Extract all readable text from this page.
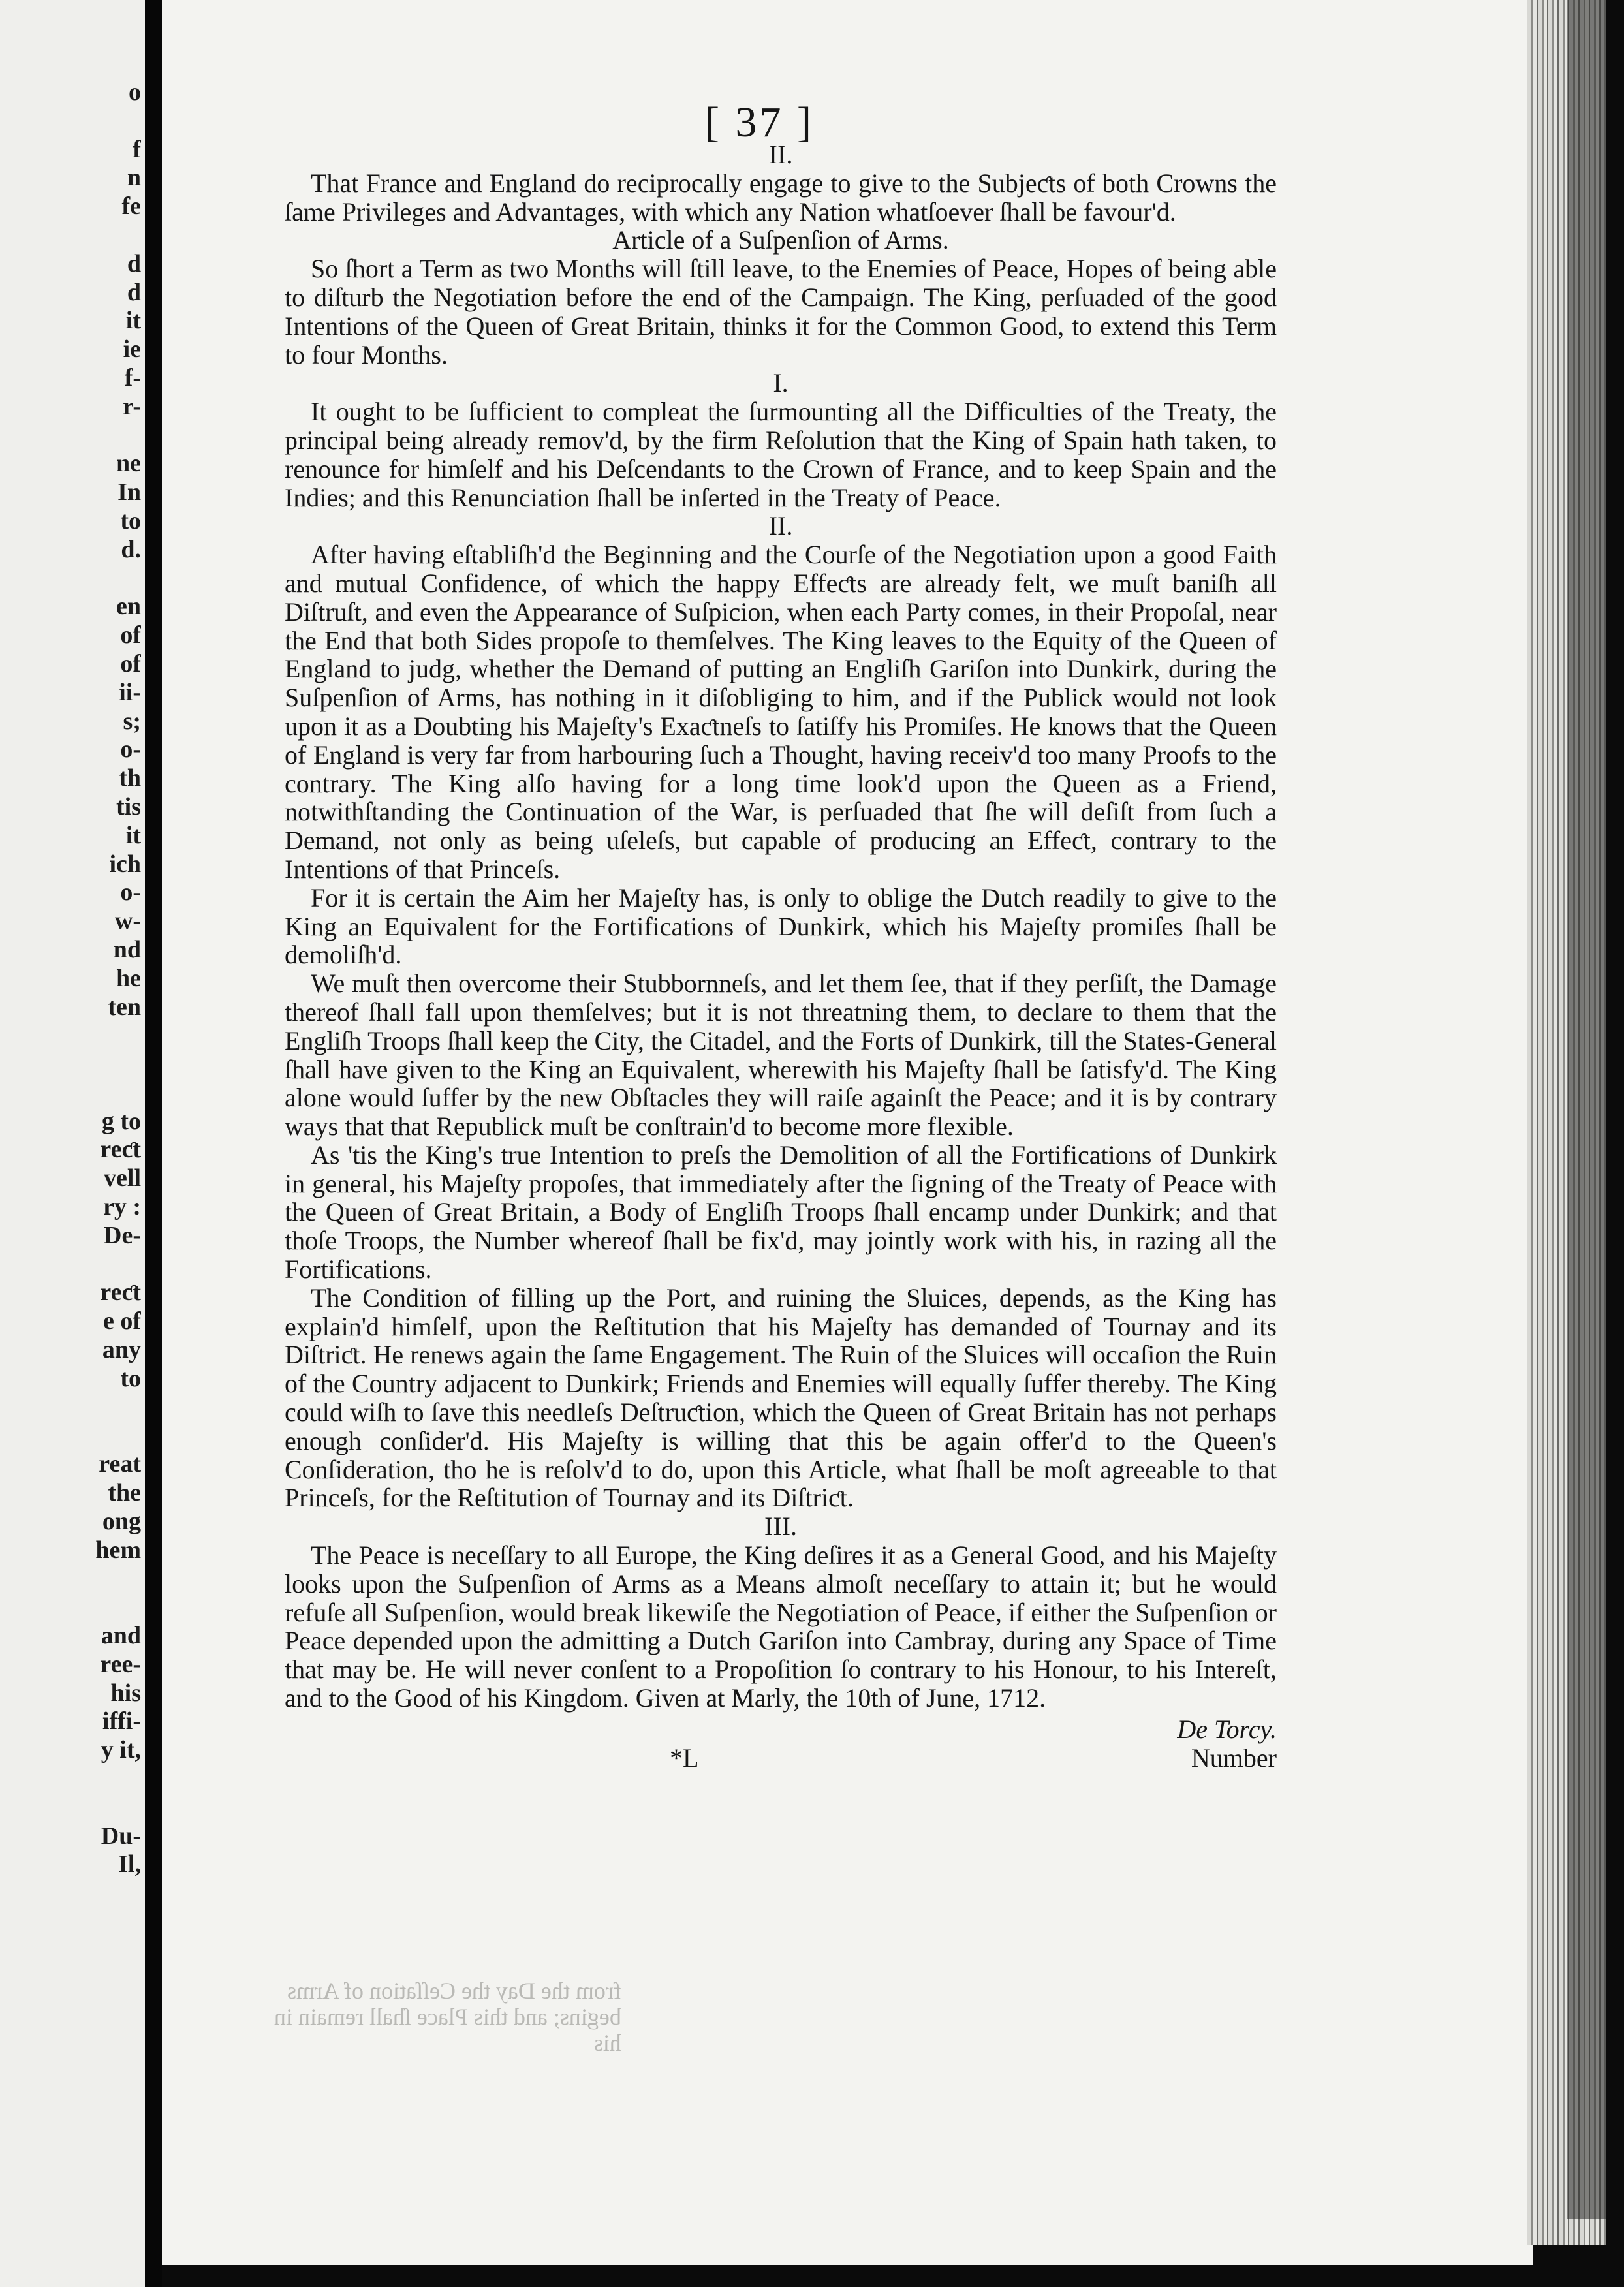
o
f
n
fe
d
d
it
ie
f-
r-
ne
In
to
d.
en
of
of
ii-
s;
o-
th
tis
it
ich
o-
w-
nd
he
ten
g to
reƈt
vell
ry :
De-
reƈt
e of
any
to
reat
the
ong
hem
and
ree-
his
iffi-
y it,
Du-
Il,
[ 37 ]

II.

That France and England do reciprocally engage to give to the Subjeƈts of both Crowns the ſame Privileges and Advantages, with which any Nation whatſoever ſhall be favour'd.

Article of a Suſpenſion of Arms.

So ſhort a Term as two Months will ſtill leave, to the Enemies of Peace, Hopes of being able to diſturb the Negotiation before the end of the Campaign. The King, perſuaded of the good Intentions of the Queen of Great Britain, thinks it for the Common Good, to extend this Term to four Months.

I.

It ought to be ſufficient to compleat the ſurmounting all the Difficulties of the Treaty, the principal being already remov'd, by the firm Reſolution that the King of Spain hath taken, to renounce for himſelf and his Deſcendants to the Crown of France, and to keep Spain and the Indies; and this Renunciation ſhall be inſerted in the Treaty of Peace.

II.

After having eſtabliſh'd the Beginning and the Courſe of the Negotiation upon a good Faith and mutual Confidence, of which the happy Effeƈts are already felt, we muſt baniſh all Diſtruſt, and even the Appearance of Suſpicion, when each Party comes, in their Propoſal, near the End that both Sides propoſe to themſelves. The King leaves to the Equity of the Queen of England to judg, whether the Demand of putting an Engliſh Gariſon into Dunkirk, during the Suſpenſion of Arms, has nothing in it diſobliging to him, and if the Publick would not look upon it as a Doubting his Majeſty's Exaƈtneſs to ſatiſfy his Promiſes. He knows that the Queen of England is very far from harbouring ſuch a Thought, having receiv'd too many Proofs to the contrary. The King alſo having for a long time look'd upon the Queen as a Friend, notwithſtanding the Continuation of the War, is perſuaded that ſhe will deſiſt from ſuch a Demand, not only as being uſeleſs, but capable of producing an Effeƈt, contrary to the Intentions of that Princeſs.

For it is certain the Aim her Majeſty has, is only to oblige the Dutch readily to give to the King an Equivalent for the Fortifications of Dunkirk, which his Majeſty promiſes ſhall be demoliſh'd.

We muſt then overcome their Stubbornneſs, and let them ſee, that if they perſiſt, the Damage thereof ſhall fall upon themſelves; but it is not threatning them, to declare to them that the Engliſh Troops ſhall keep the City, the Citadel, and the Forts of Dunkirk, till the States-General ſhall have given to the King an Equivalent, wherewith his Majeſty ſhall be ſatisfy'd. The King alone would ſuffer by the new Obſtacles they will raiſe againſt the Peace; and it is by contrary ways that that Republick muſt be conſtrain'd to become more flexible.

As 'tis the King's true Intention to preſs the Demolition of all the Fortifications of Dunkirk in general, his Majeſty propoſes, that immediately after the ſigning of the Treaty of Peace with the Queen of Great Britain, a Body of Engliſh Troops ſhall encamp under Dunkirk; and that thoſe Troops, the Number whereof ſhall be fix'd, may jointly work with his, in razing all the Fortifications.

The Condition of filling up the Port, and ruining the Sluices, depends, as the King has explain'd himſelf, upon the Reſtitution that his Majeſty has demanded of Tournay and its Diſtriƈt. He renews again the ſame Engagement. The Ruin of the Sluices will occaſion the Ruin of the Country adjacent to Dunkirk; Friends and Enemies will equally ſuffer thereby. The King could wiſh to ſave this needleſs Deſtruƈtion, which the Queen of Great Britain has not perhaps enough conſider'd. His Majeſty is willing that this be again offer'd to the Queen's Conſideration, tho he is reſolv'd to do, upon this Article, what ſhall be moſt agreeable to that Princeſs, for the Reſtitution of Tournay and its Diſtriƈt.

III.

The Peace is neceſſary to all Europe, the King deſires it as a General Good, and his Majeſty looks upon the Suſpenſion of Arms as a Means almoſt neceſſary to attain it; but he would refuſe all Suſpenſion, would break likewiſe the Negotiation of Peace, if either the Suſpenſion or Peace depended upon the admitting a Dutch Gariſon into Cambray, during any Space of Time that may be. He will never conſent to a Propoſition ſo contrary to his Honour, to his Intereſt, and to the Good of his Kingdom. Given at Marly, the 10th of June, 1712.

De Torcy.

*L	Number

from the Day the Ceſſation of Arms
begins; and this Place ſhall remain in
his
